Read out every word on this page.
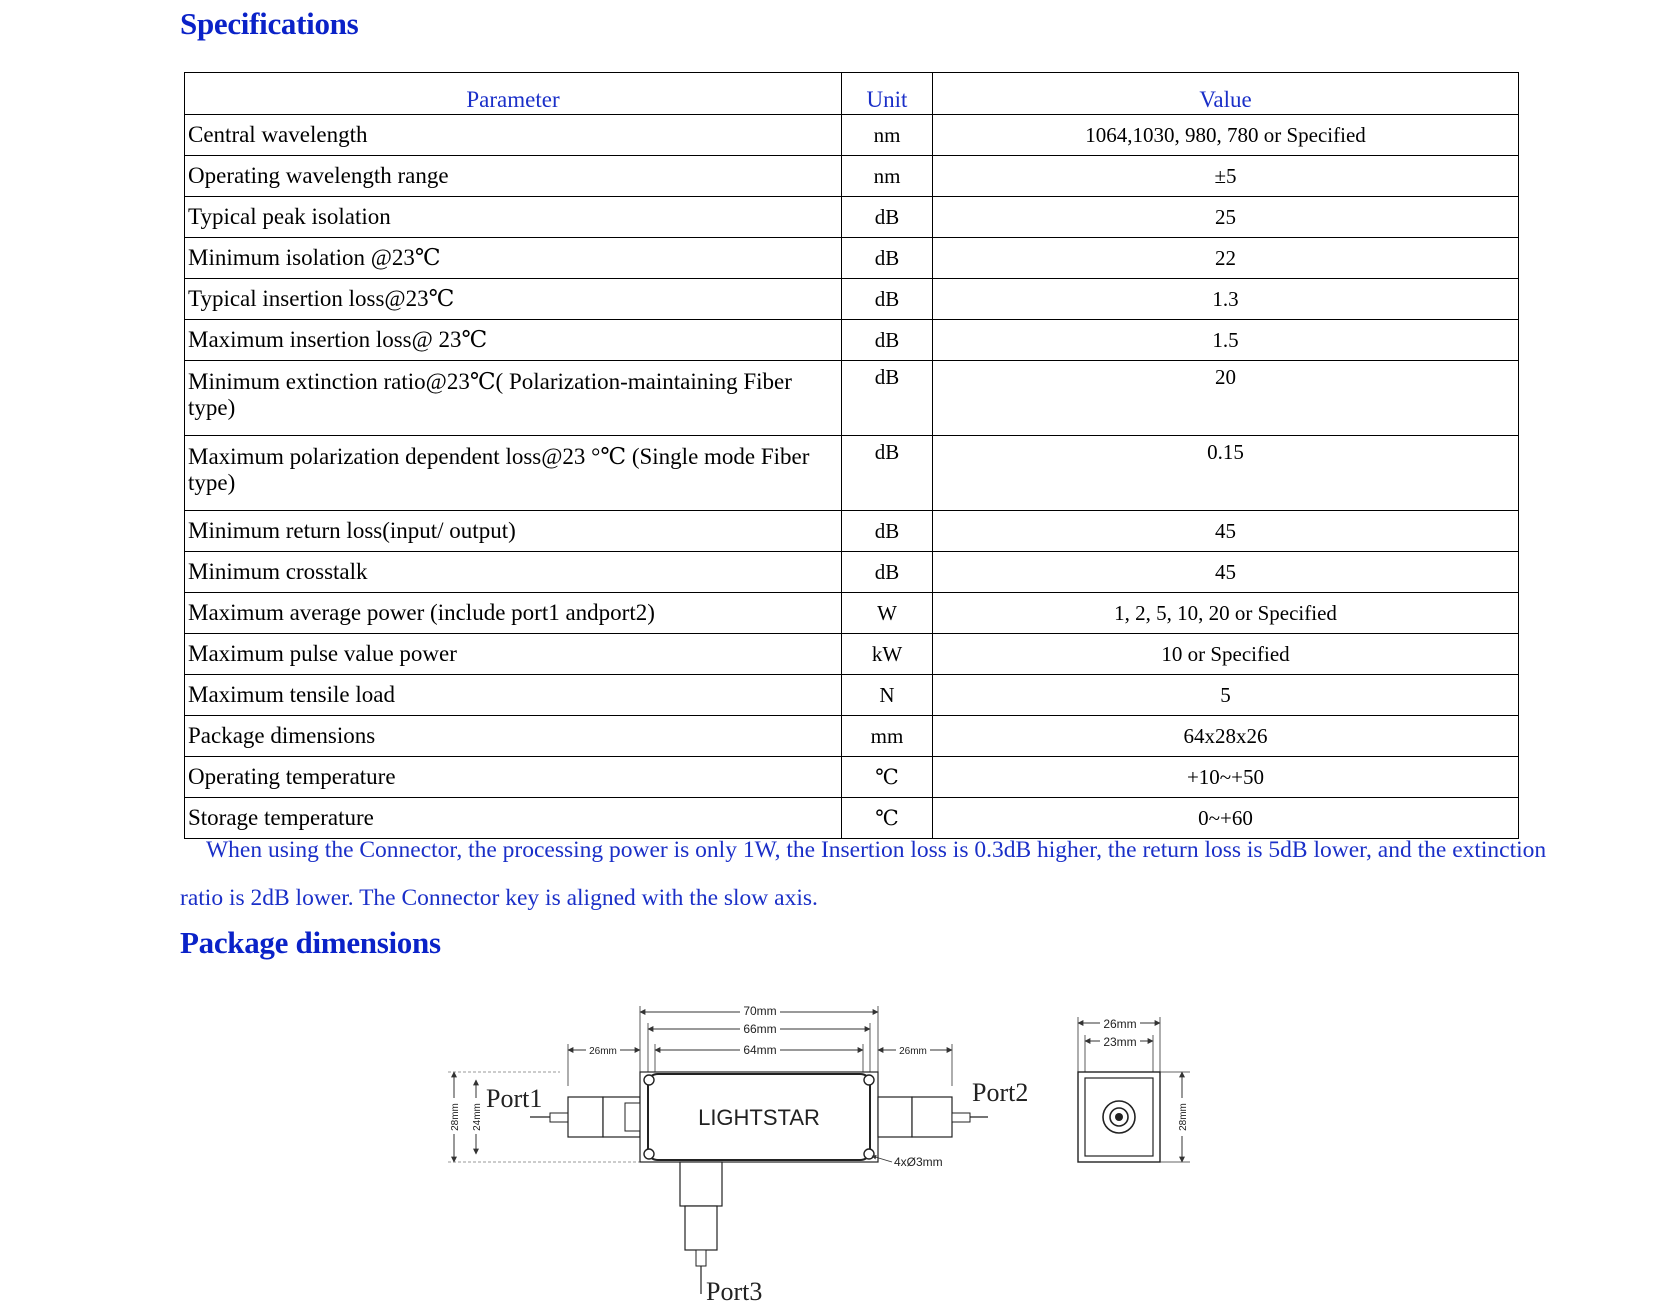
Specifications
Parameter	Unit	Value
Central wavelength	nm	1064,1030, 980, 780 or Specified
Operating wavelength range	nm	±5
Typical peak isolation	dB	25
Minimum isolation @23℃	dB	22
Typical insertion loss@23℃	dB	1.3
Maximum insertion loss@ 23℃	dB	1.5
Minimum extinction ratio@23℃( Polarization-maintaining Fiber type)	dB	20
Maximum polarization dependent loss@23 °℃ (Single mode Fiber type)	dB	0.15
Minimum return loss(input/ output)	dB	45
Minimum crosstalk	dB	45
Maximum average power (include port1 andport2)	W	1, 2, 5, 10, 20 or Specified
Maximum pulse value power	kW	10 or Specified
Maximum tensile load	N	5
Package dimensions	mm	64x28x26
Operating temperature	℃	+10~+50
Storage temperature	℃	0~+60

When using the Connector, the processing power is only 1W, the Insertion loss is 0.3dB higher, the return loss is 5dB lower, and the extinction ratio is 2dB lower. The Connector key is aligned with the slow axis.

Package dimensions
70mm
66mm
64mm
26mm	26mm
28mm 24mm
Port1
LIGHTSTAR
4xØ3mm
Port2
Port3
26mm
23mm
28mm
